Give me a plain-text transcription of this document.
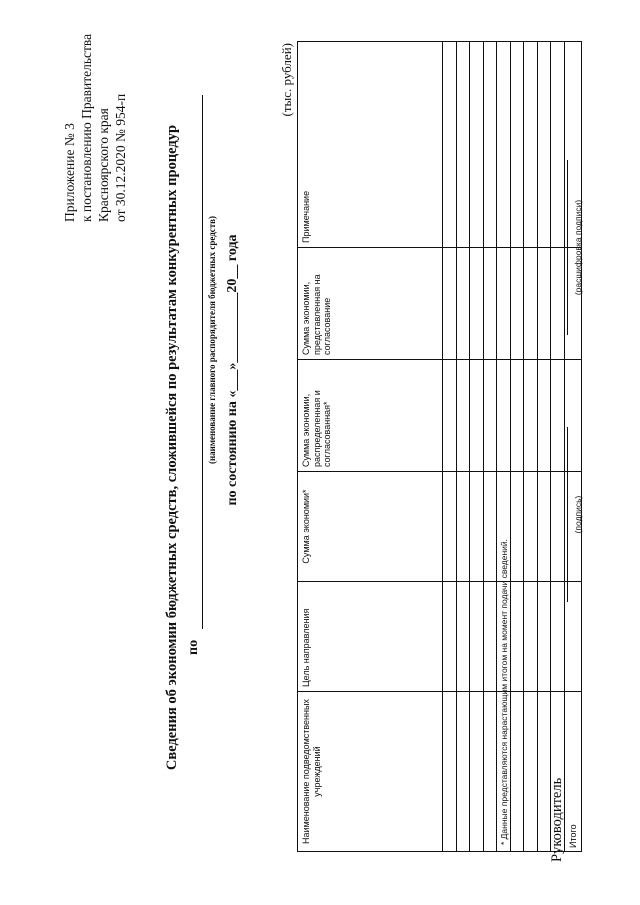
Приложение № 3 к постановлению Правительства Красноярского края от 30.12.2020 № 954-п Сведения об экономии бюджетных средств, сложившейся по результатам конкурентных процедур по
(наименование главного распорядителя бюджетных средств) по состоянию на «___»__________20__ года
(тыс. рублей)
Наименование подведомственных учреждений	Цель направления	Сумма экономии*	Сумма экономии, распределенная и согласованная*	Сумма экономии, представленная на согласование	Примечание

Итого					
* Данные представляются нарастающим итогом на момент подачи сведений.	Руководитель
(подпись)
(расшифровка подписи)
